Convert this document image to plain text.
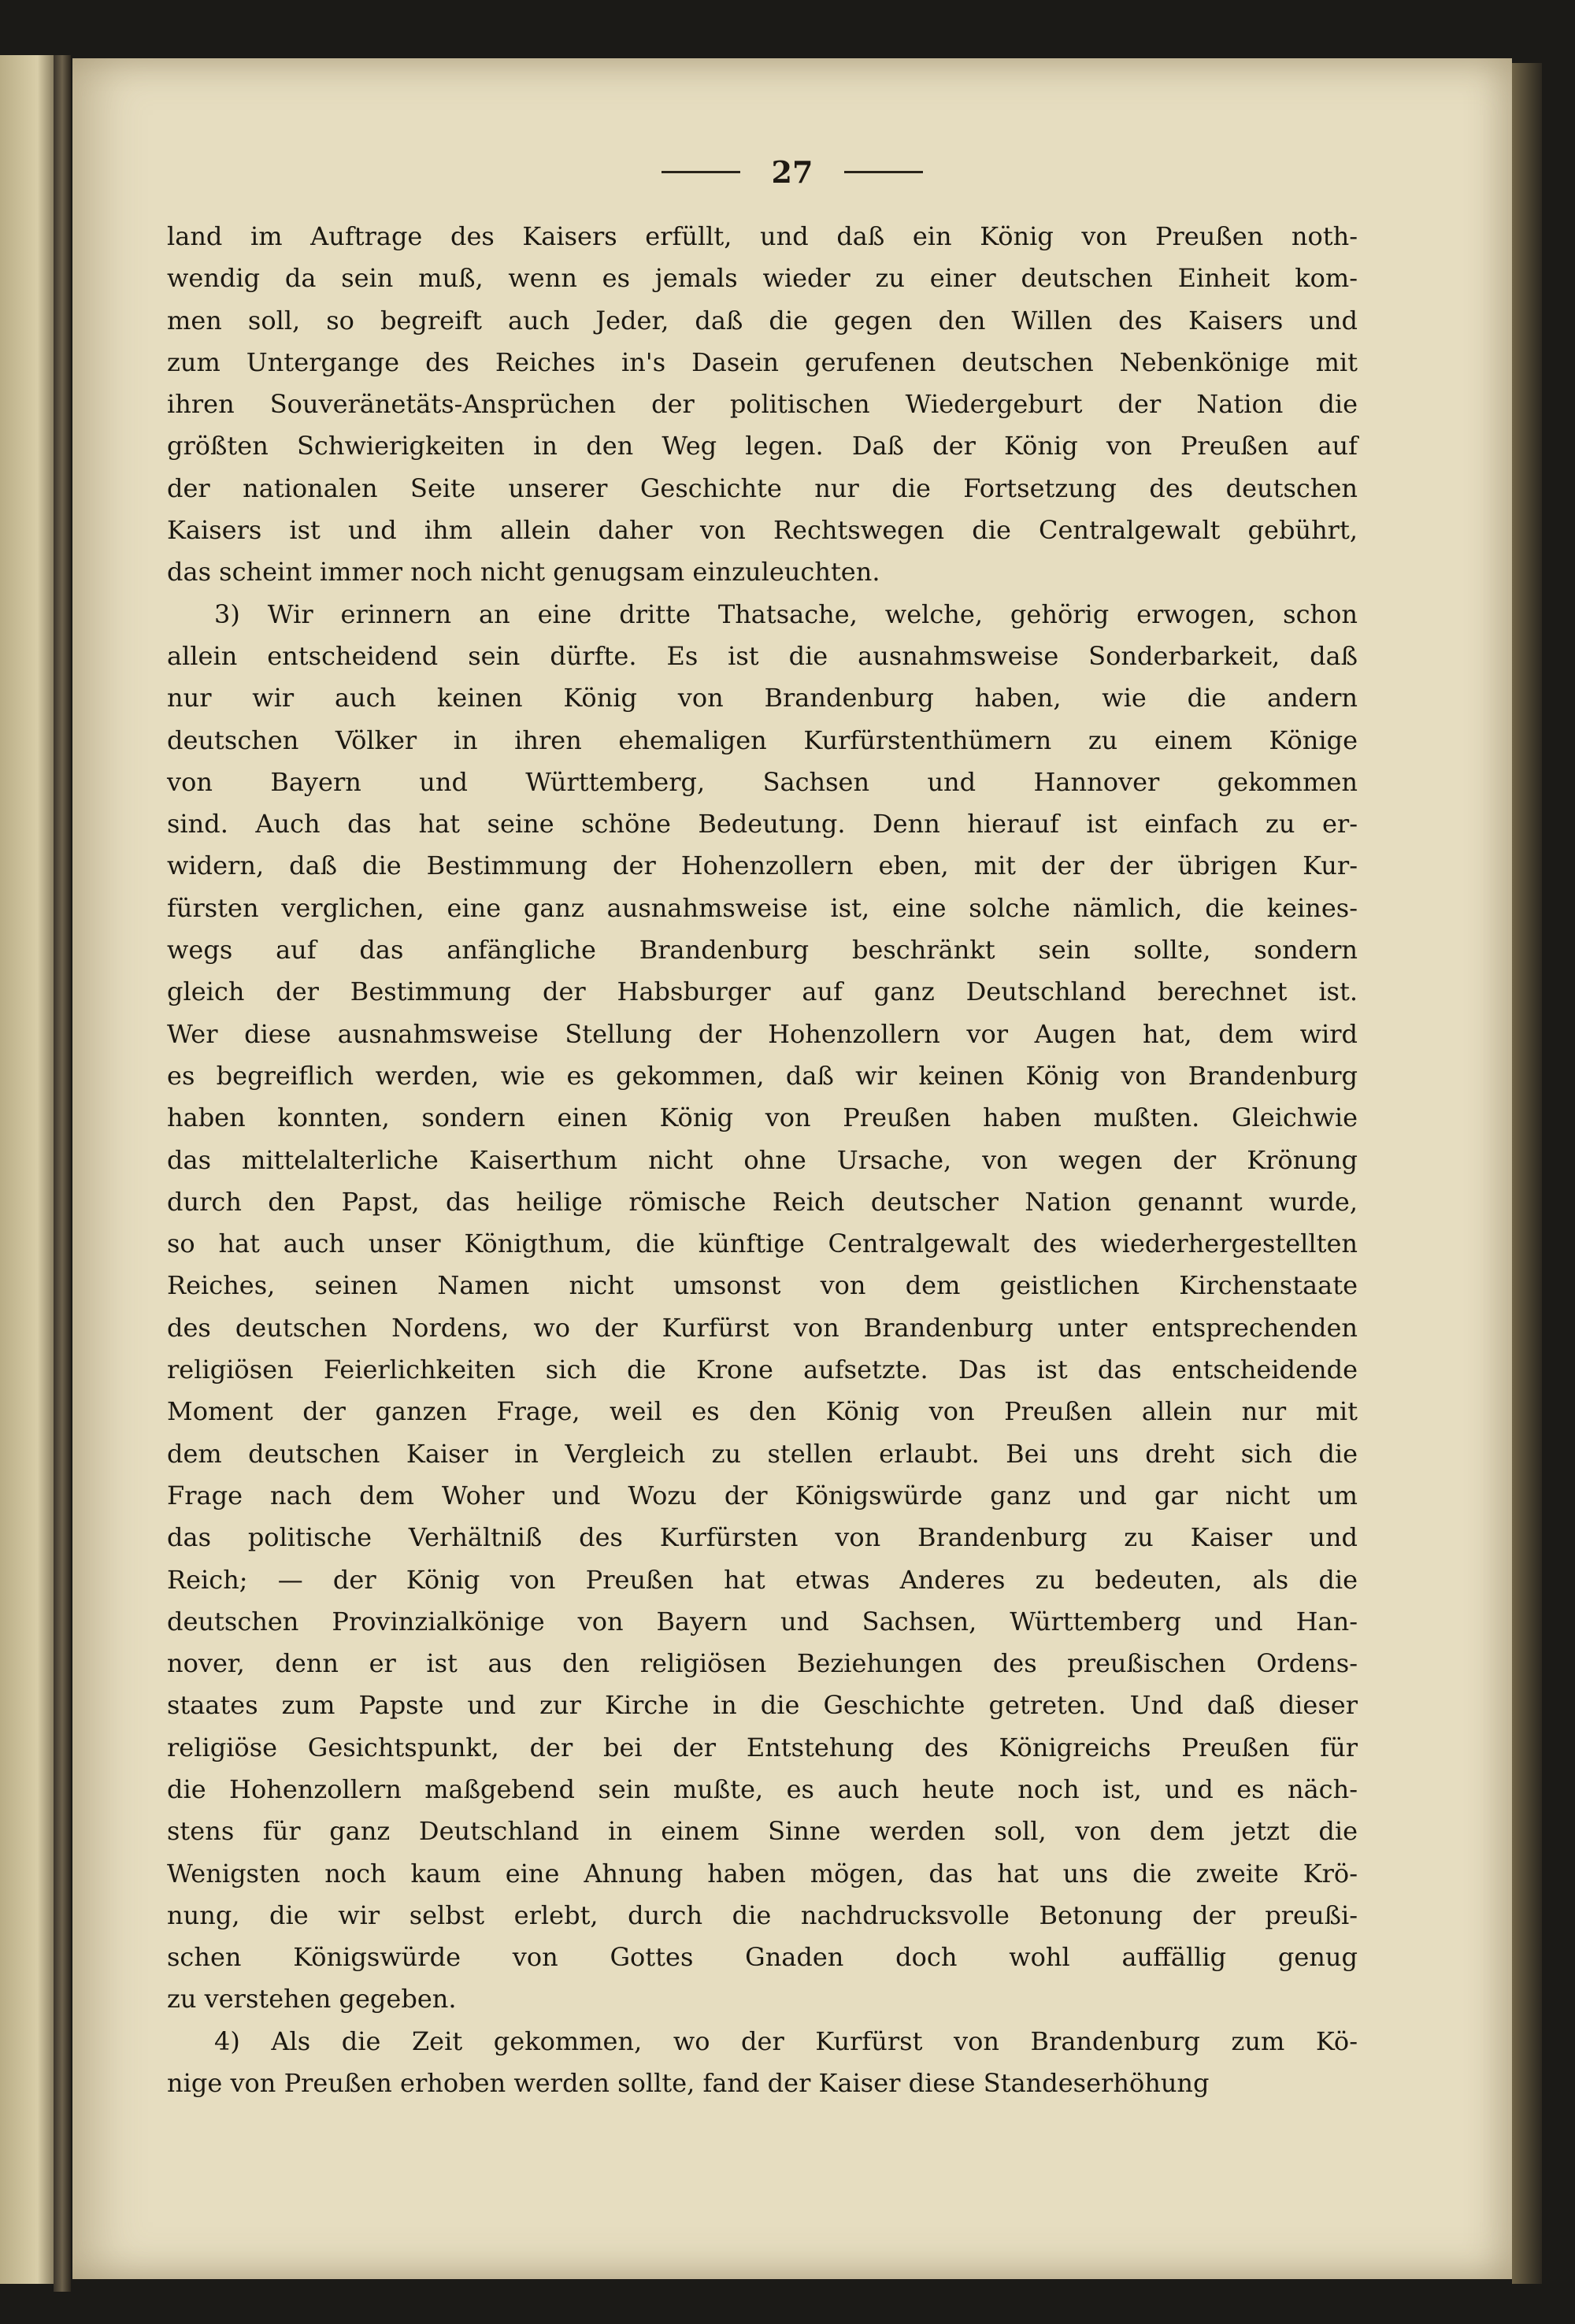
27
land im Auftrage des Kaisers erfüllt, und daß ein König von Preußen noth-
wendig da sein muß, wenn es jemals wieder zu einer deutschen Einheit kom-
men soll, so begreift auch Jeder, daß die gegen den Willen des Kaisers und
zum Untergange des Reiches in's Dasein gerufenen deutschen Nebenkönige mit
ihren Souveränetäts-Ansprüchen der politischen Wiedergeburt der Nation die
größten Schwierigkeiten in den Weg legen. Daß der König von Preußen auf
der nationalen Seite unserer Geschichte nur die Fortsetzung des deutschen
Kaisers ist und ihm allein daher von Rechtswegen die Centralgewalt gebührt,
das scheint immer noch nicht genugsam einzuleuchten.
3) Wir erinnern an eine dritte Thatsache, welche, gehörig erwogen, schon
allein entscheidend sein dürfte. Es ist die ausnahmsweise Sonderbarkeit, daß
nur wir auch keinen König von Brandenburg haben, wie die andern
deutschen Völker in ihren ehemaligen Kurfürstenthümern zu einem Könige
von Bayern und Württemberg, Sachsen und Hannover gekommen
sind. Auch das hat seine schöne Bedeutung. Denn hierauf ist einfach zu er-
widern, daß die Bestimmung der Hohenzollern eben, mit der der übrigen Kur-
fürsten verglichen, eine ganz ausnahmsweise ist, eine solche nämlich, die keines-
wegs auf das anfängliche Brandenburg beschränkt sein sollte, sondern
gleich der Bestimmung der Habsburger auf ganz Deutschland berechnet ist.
Wer diese ausnahmsweise Stellung der Hohenzollern vor Augen hat, dem wird
es begreiflich werden, wie es gekommen, daß wir keinen König von Brandenburg
haben konnten, sondern einen König von Preußen haben mußten. Gleichwie
das mittelalterliche Kaiserthum nicht ohne Ursache, von wegen der Krönung
durch den Papst, das heilige römische Reich deutscher Nation genannt wurde,
so hat auch unser Königthum, die künftige Centralgewalt des wiederhergestellten
Reiches, seinen Namen nicht umsonst von dem geistlichen Kirchenstaate
des deutschen Nordens, wo der Kurfürst von Brandenburg unter entsprechenden
religiösen Feierlichkeiten sich die Krone aufsetzte. Das ist das entscheidende
Moment der ganzen Frage, weil es den König von Preußen allein nur mit
dem deutschen Kaiser in Vergleich zu stellen erlaubt. Bei uns dreht sich die
Frage nach dem Woher und Wozu der Königswürde ganz und gar nicht um
das politische Verhältniß des Kurfürsten von Brandenburg zu Kaiser und
Reich; — der König von Preußen hat etwas Anderes zu bedeuten, als die
deutschen Provinzialkönige von Bayern und Sachsen, Württemberg und Han-
nover, denn er ist aus den religiösen Beziehungen des preußischen Ordens-
staates zum Papste und zur Kirche in die Geschichte getreten. Und daß dieser
religiöse Gesichtspunkt, der bei der Entstehung des Königreichs Preußen für
die Hohenzollern maßgebend sein mußte, es auch heute noch ist, und es näch-
stens für ganz Deutschland in einem Sinne werden soll, von dem jetzt die
Wenigsten noch kaum eine Ahnung haben mögen, das hat uns die zweite Krö-
nung, die wir selbst erlebt, durch die nachdrucksvolle Betonung der preußi-
schen Königswürde von Gottes Gnaden doch wohl auffällig genug
zu verstehen gegeben.
4) Als die Zeit gekommen, wo der Kurfürst von Brandenburg zum Kö-
nige von Preußen erhoben werden sollte, fand der Kaiser diese Standeserhöhung
